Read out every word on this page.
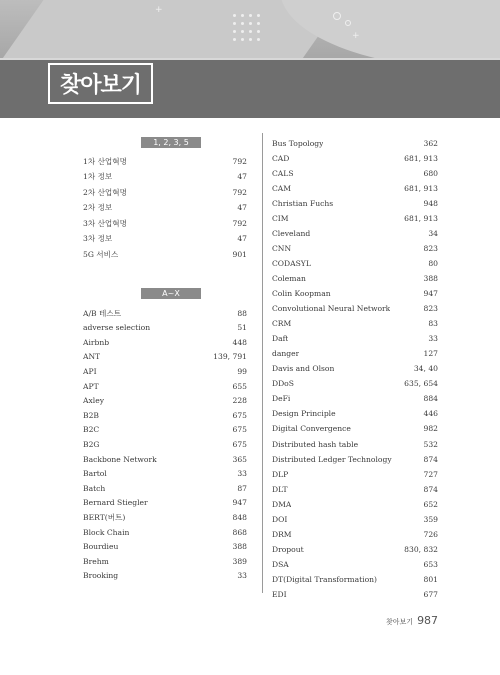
+
+
찾아보기
1, 2, 3, 5
1차 산업혁명	792
1차 정보	47
2차 산업혁명	792
2차 정보	47
3차 산업혁명	792
3차 정보	47
5G 서비스	901
A~X
A/B 테스트	88
adverse selection	51
Airbnb	448
ANT	139, 791
API	99
APT	655
Axley	228
B2B	675
B2C	675
B2G	675
Backbone Network	365
Bartol	33
Batch	87
Bernard Stiegler	947
BERT(버트)	848
Block Chain	868
Bourdieu	388
Brehm	389
Brooking	33
Bus Topology	362
CAD	681, 913
CALS	680
CAM	681, 913
Christian Fuchs	948
CIM	681, 913
Cleveland	34
CNN	823
CODASYL	80
Coleman	388
Colin Koopman	947
Convolutional Neural Network	823
CRM	83
Daft	33
danger	127
Davis and Olson	34, 40
DDoS	635, 654
DeFi	884
Design Principle	446
Digital Convergence	982
Distributed hash table	532
Distributed Ledger Technology	874
DLP	727
DLT	874
DMA	652
DOI	359
DRM	726
Dropout	830, 832
DSA	653
DT(Digital Transformation)	801
EDI	677
찾아보기 987
